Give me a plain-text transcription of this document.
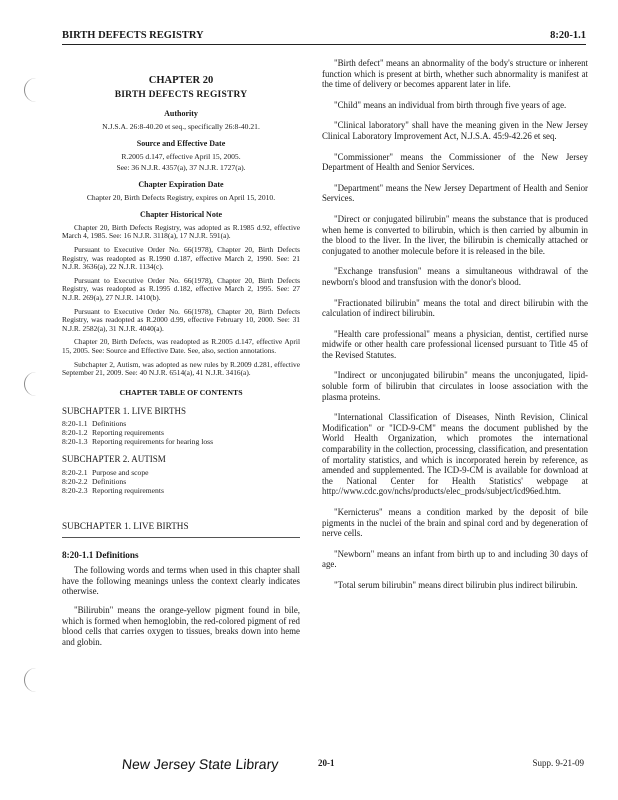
BIRTH DEFECTS REGISTRY	8:20-1.1
CHAPTER 20
BIRTH DEFECTS REGISTRY
Authority
N.J.S.A. 26:8-40.20 et seq., specifically 26:8-40.21.
Source and Effective Date
R.2005 d.147, effective April 15, 2005.
See: 36 N.J.R. 4357(a), 37 N.J.R. 1727(a).
Chapter Expiration Date
Chapter 20, Birth Defects Registry, expires on April 15, 2010.
Chapter Historical Note

Chapter 20, Birth Defects Registry, was adopted as R.1985 d.92, effective March 4, 1985. See: 16 N.J.R. 3118(a), 17 N.J.R. 591(a).

Pursuant to Executive Order No. 66(1978), Chapter 20, Birth Defects Registry, was readopted as R.1990 d.187, effective March 2, 1990. See: 21 N.J.R. 3636(a), 22 N.J.R. 1134(c).

Pursuant to Executive Order No. 66(1978), Chapter 20, Birth Defects Registry, was readopted as R.1995 d.182, effective March 2, 1995. See: 27 N.J.R. 269(a), 27 N.J.R. 1410(b).

Pursuant to Executive Order No. 66(1978), Chapter 20, Birth Defects Registry, was readopted as R.2000 d.99, effective February 10, 2000. See: 31 N.J.R. 2582(a), 31 N.J.R. 4040(a).

Chapter 20, Birth Defects, was readopted as R.2005 d.147, effective April 15, 2005. See: Source and Effective Date. See, also, section annotations.

Subchapter 2, Autism, was adopted as new rules by R.2009 d.281, effective September 21, 2009. See: 40 N.J.R. 6514(a), 41 N.J.R. 3416(a).

CHAPTER TABLE OF CONTENTS
SUBCHAPTER 1. LIVE BIRTHS
8:20-1.1 Definitions
8:20-1.2 Reporting requirements
8:20-1.3 Reporting requirements for hearing loss
SUBCHAPTER 2. AUTISM
8:20-2.1 Purpose and scope
8:20-2.2 Definitions
8:20-2.3 Reporting requirements
SUBCHAPTER 1. LIVE BIRTHS
8:20-1.1 Definitions

The following words and terms when used in this chapter shall have the following meanings unless the context clearly indicates otherwise.

"Bilirubin" means the orange-yellow pigment found in bile, which is formed when hemoglobin, the red-colored pigment of red blood cells that carries oxygen to tissues, breaks down into heme and globin.

"Birth defect" means an abnormality of the body's structure or inherent function which is present at birth, whether such abnormality is manifest at the time of delivery or becomes apparent later in life.

"Child" means an individual from birth through five years of age.

"Clinical laboratory" shall have the meaning given in the New Jersey Clinical Laboratory Improvement Act, N.J.S.A. 45:9-42.26 et seq.

"Commissioner" means the Commissioner of the New Jersey Department of Health and Senior Services.

"Department" means the New Jersey Department of Health and Senior Services.

"Direct or conjugated bilirubin" means the substance that is produced when heme is converted to bilirubin, which is then carried by albumin in the blood to the liver. In the liver, the bilirubin is chemically attached or conjugated to another molecule before it is released in the bile.

"Exchange transfusion" means a simultaneous withdrawal of the newborn's blood and transfusion with the donor's blood.

"Fractionated bilirubin" means the total and direct bilirubin with the calculation of indirect bilirubin.

"Health care professional" means a physician, dentist, certified nurse midwife or other health care professional licensed pursuant to Title 45 of the Revised Statutes.

"Indirect or unconjugated bilirubin" means the unconjugated, lipid-soluble form of bilirubin that circulates in loose association with the plasma proteins.

"International Classification of Diseases, Ninth Revision, Clinical Modification" or "ICD-9-CM" means the document published by the World Health Organization, which promotes the international comparability in the collection, processing, classification, and presentation of mortality statistics, and which is incorporated herein by reference, as amended and supplemented. The ICD-9-CM is available for download at the National Center for Health Statistics' webpage at http://www.cdc.gov/nchs/products/elec_prods/subject/icd96ed.htm.

"Kernicterus" means a condition marked by the deposit of bile pigments in the nuclei of the brain and spinal cord and by degeneration of nerve cells.

"Newborn" means an infant from birth up to and including 30 days of age.

"Total serum bilirubin" means direct bilirubin plus indirect bilirubin.

New Jersey State Library	20-1	Supp. 9-21-09
